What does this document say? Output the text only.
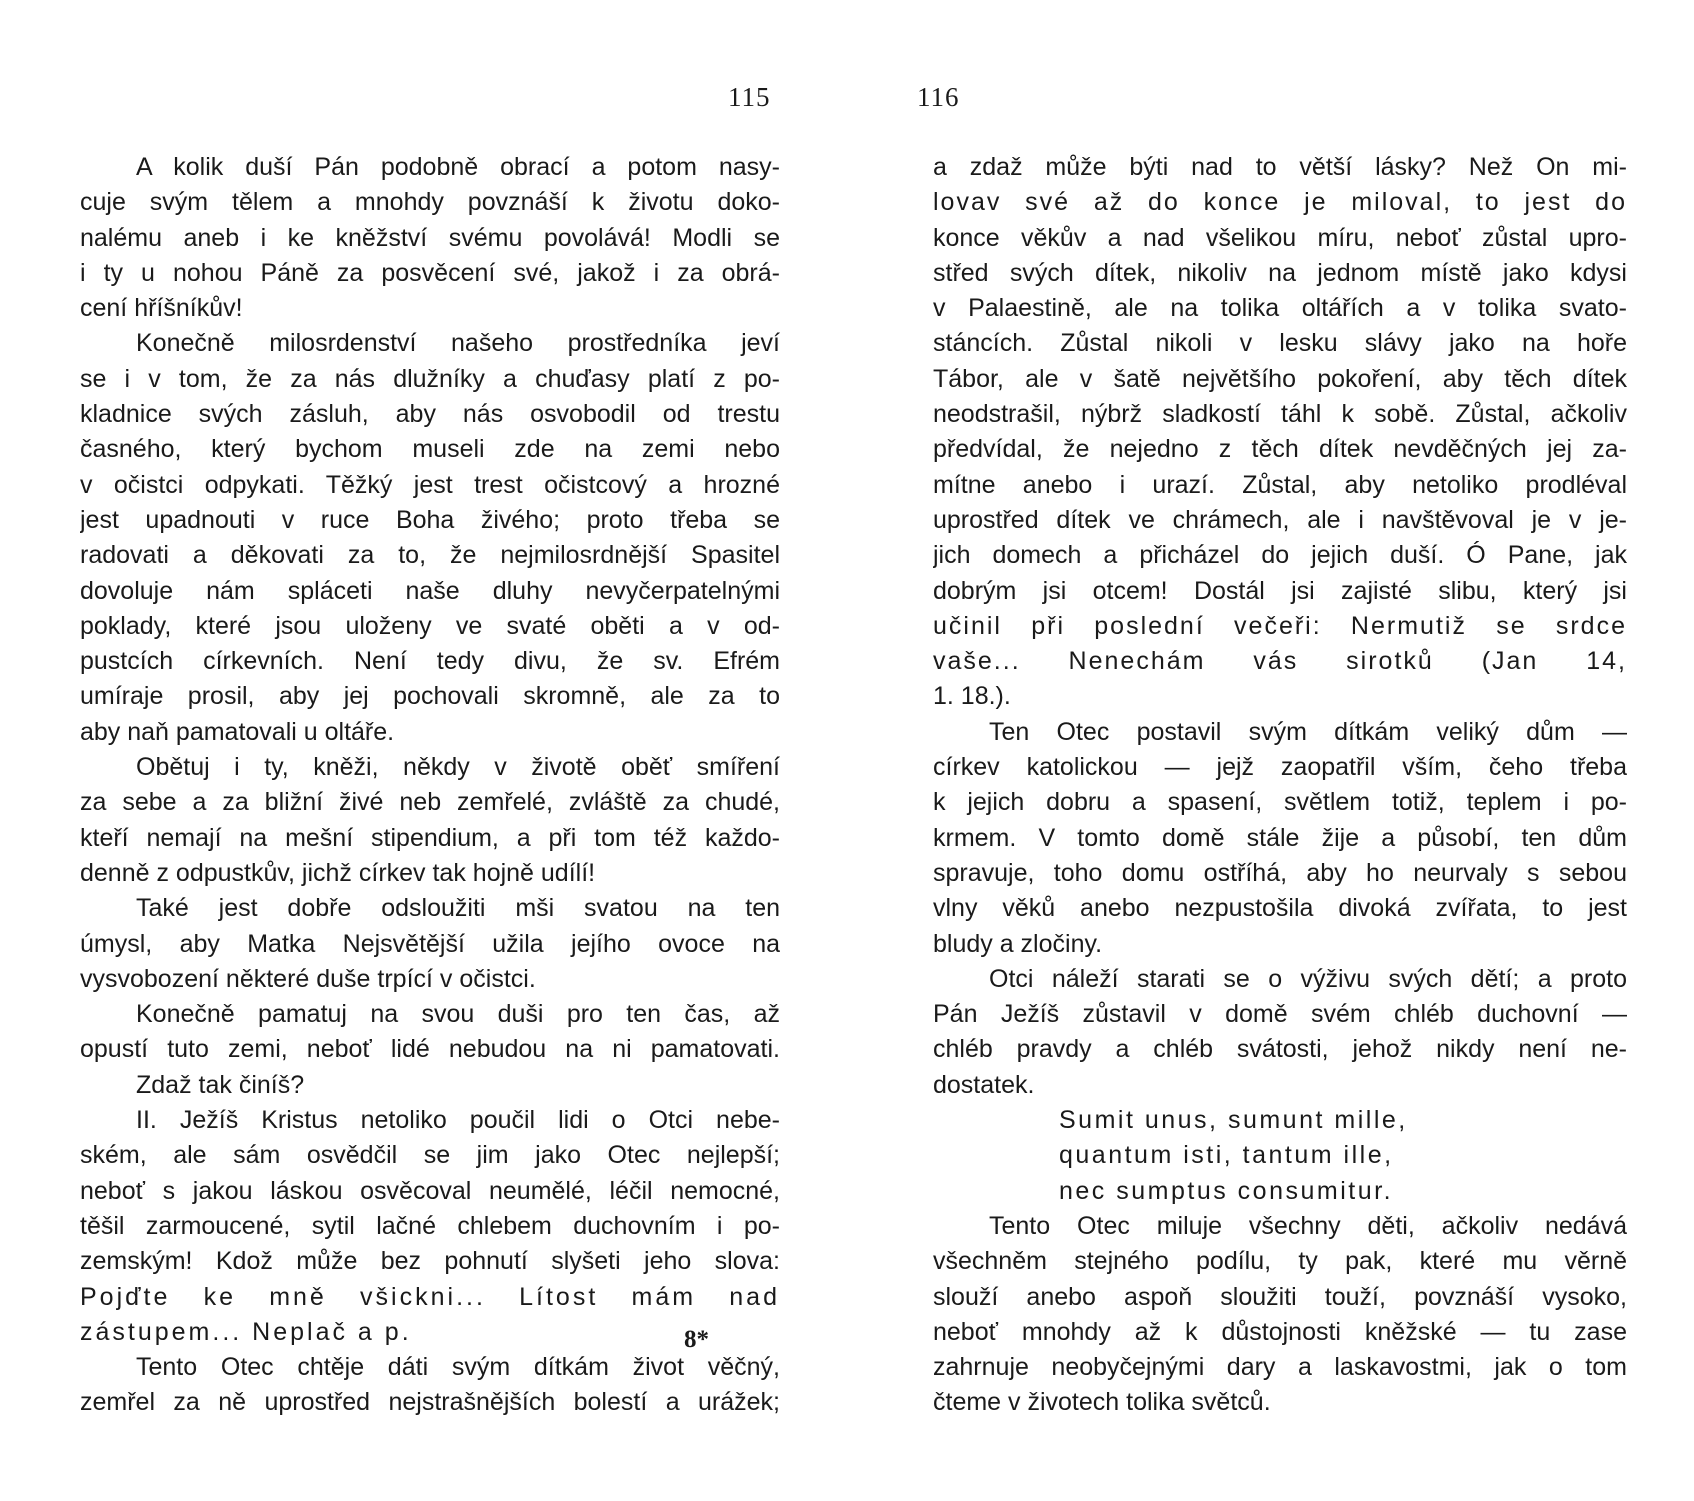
115
A kolik duší Pán podobně obrací a potom nasy-
cuje svým tělem a mnohdy povznáší k životu doko-
nalému aneb i ke kněžství svému povolává! Modli se
i ty u nohou Páně za posvěcení své, jakož i za obrá-
cení hříšníkův!
Konečně milosrdenství našeho prostředníka jeví
se i v tom, že za nás dlužníky a chuďasy platí z po-
kladnice svých zásluh, aby nás osvobodil od trestu
časného, který bychom museli zde na zemi nebo
v očistci odpykati. Těžký jest trest očistcový a hrozné
jest upadnouti v ruce Boha živého; proto třeba se
radovati a děkovati za to, že nejmilosrdnější Spasitel
dovoluje nám spláceti naše dluhy nevyčerpatelnými
poklady, které jsou uloženy ve svaté oběti a v od-
pustcích církevních. Není tedy divu, že sv. Efrém
umíraje prosil, aby jej pochovali skromně, ale za to
aby naň pamatovali u oltáře.
Obětuj i ty, kněži, někdy v životě oběť smíření
za sebe a za bližní živé neb zemřelé, zvláště za chudé,
kteří nemají na mešní stipendium, a při tom též každo-
denně z odpustkův, jichž církev tak hojně udílí!
Také jest dobře odsloužiti mši svatou na ten
úmysl, aby Matka Nejsvětější užila jejího ovoce na
vysvobození některé duše trpící v očistci.
Konečně pamatuj na svou duši pro ten čas, až
opustí tuto zemi, neboť lidé nebudou na ni pamatovati.
Zdaž tak činíš?
II. Ježíš Kristus netoliko poučil lidi o Otci nebe-
ském, ale sám osvědčil se jim jako Otec nejlepší;
neboť s jakou láskou osvěcoval neumělé, léčil nemocné,
těšil zarmoucené, sytil lačné chlebem duchovním i po-
zemským! Kdož může bez pohnutí slyšeti jeho slova:
Pojďte ke mně všickni... Lítost mám nad
zástupem... Neplač a p.
Tento Otec chtěje dáti svým dítkám život věčný,
zemřel za ně uprostřed nejstrašnějších bolestí a urážek;
8*
116
a zdaž může býti nad to větší lásky? Než On mi-
lovav své až do konce je miloval, to jest do
konce věkův a nad všelikou míru, neboť zůstal upro-
střed svých dítek, nikoliv na jednom místě jako kdysi
v Palaestině, ale na tolika oltářích a v tolika svato-
stáncích. Zůstal nikoli v lesku slávy jako na hoře
Tábor, ale v šatě největšího pokoření, aby těch dítek
neodstrašil, nýbrž sladkostí táhl k sobě. Zůstal, ačkoliv
předvídal, že nejedno z těch dítek nevděčných jej za-
mítne anebo i urazí. Zůstal, aby netoliko prodléval
uprostřed dítek ve chrámech, ale i navštěvoval je v je-
jich domech a přicházel do jejich duší. Ó Pane, jak
dobrým jsi otcem! Dostál jsi zajisté slibu, který jsi
učinil při poslední večeři: Nermutiž se srdce
vaše... Nenechám vás sirotků (Jan 14,
1. 18.).
Ten Otec postavil svým dítkám veliký dům —
církev katolickou — jejž zaopatřil vším, čeho třeba
k jejich dobru a spasení, světlem totiž, teplem i po-
krmem. V tomto domě stále žije a působí, ten dům
spravuje, toho domu ostříhá, aby ho neurvaly s sebou
vlny věků anebo nezpustošila divoká zvířata, to jest
bludy a zločiny.
Otci náleží starati se o výživu svých dětí; a proto
Pán Ježíš zůstavil v domě svém chléb duchovní —
chléb pravdy a chléb svátosti, jehož nikdy není ne-
dostatek.
Sumit unus, sumunt mille,
quantum isti, tantum ille,
nec sumptus consumitur.
Tento Otec miluje všechny děti, ačkoliv nedává
všechněm stejného podílu, ty pak, které mu věrně
slouží anebo aspoň sloužiti touží, povznáší vysoko,
neboť mnohdy až k důstojnosti kněžské — tu zase
zahrnuje neobyčejnými dary a laskavostmi, jak o tom
čteme v životech tolika světců.
